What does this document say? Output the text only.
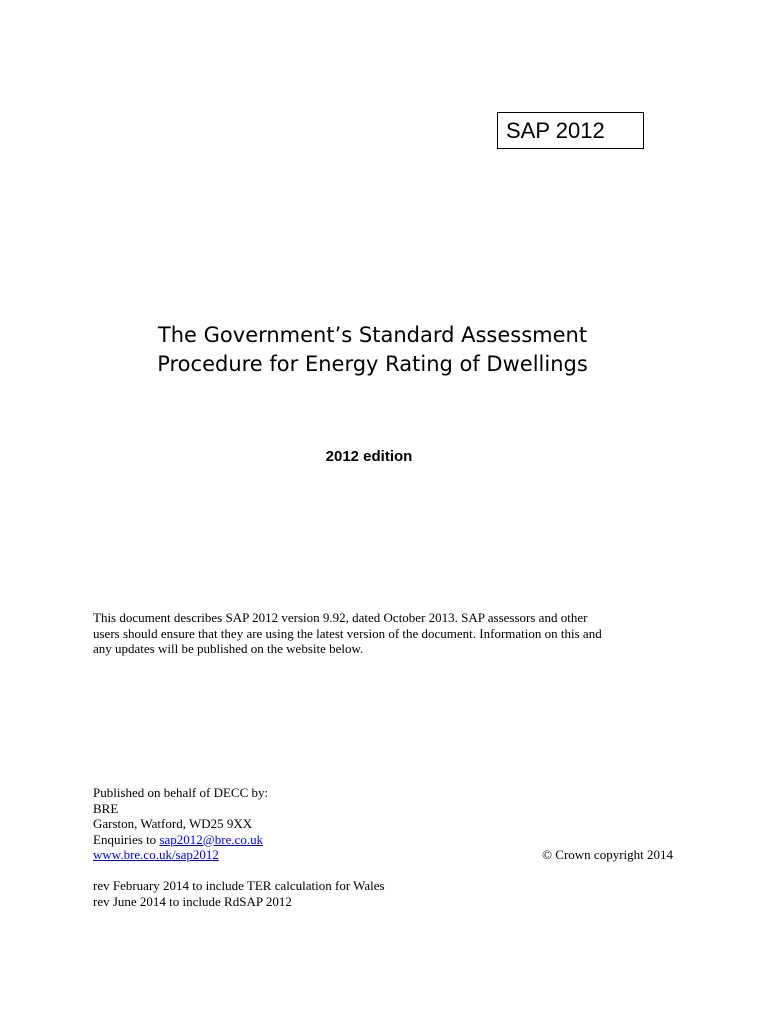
SAP 2012
The Government’s Standard Assessment
Procedure for Energy Rating of Dwellings
2012 edition
This document describes SAP 2012 version 9.92, dated October 2013. SAP assessors and other
users should ensure that they are using the latest version of the document. Information on this and
any updates will be published on the website below.
Published on behalf of DECC by:
BRE
Garston, Watford, WD25 9XX
Enquiries to sap2012@bre.co.uk
www.bre.co.uk/sap2012	© Crown copyright 2014
rev February 2014 to include TER calculation for Wales
rev June 2014 to include RdSAP 2012
